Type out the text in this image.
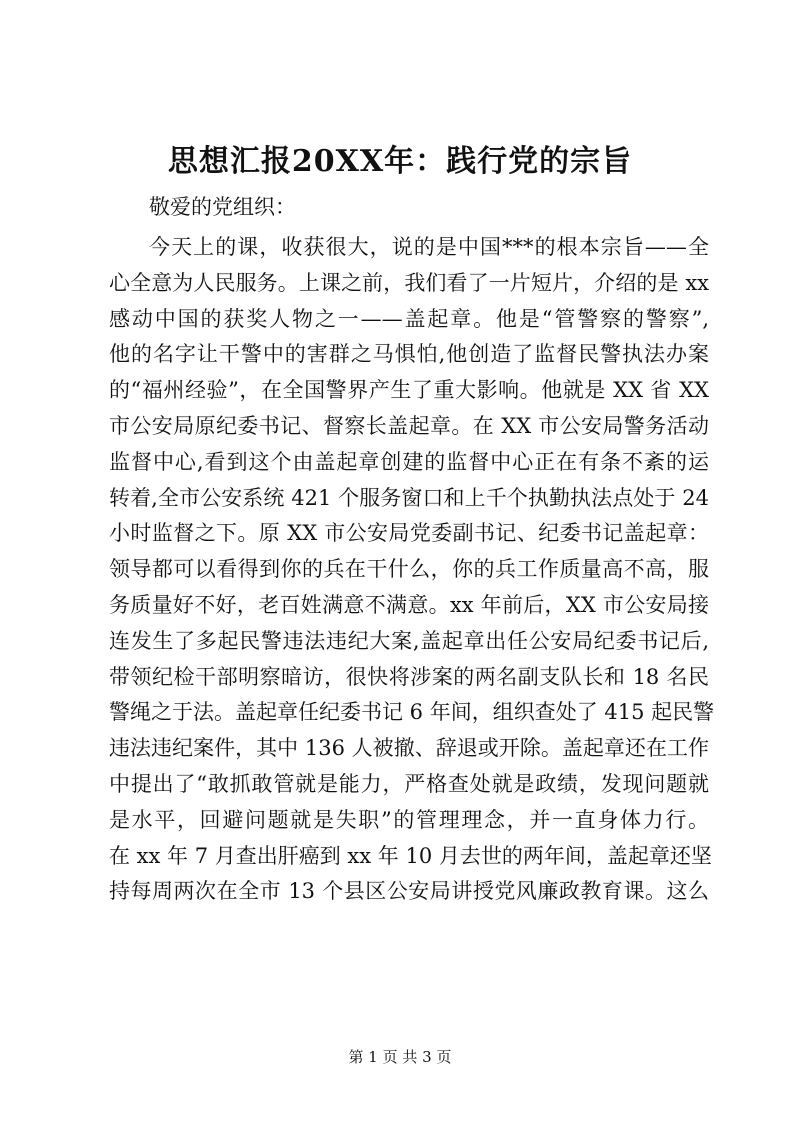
思想汇报20XX年：践行党的宗旨
敬爱的党组织：
今天上的课，收获很大，说的是中国***的根本宗旨——全
心全意为人民服务。上课之前，我们看了一片短片，介绍的是 xx
感动中国的获奖人物之一——盖起章。他是“管警察的警察”,
他的名字让干警中的害群之马惧怕,他创造了监督民警执法办案
的“福州经验”，在全国警界产生了重大影响。他就是 XX 省 XX
市公安局原纪委书记、督察长盖起章。在 XX 市公安局警务活动
监督中心,看到这个由盖起章创建的监督中心正在有条不紊的运
转着,全市公安系统 421 个服务窗口和上千个执勤执法点处于 24
小时监督之下。原 XX 市公安局党委副书记、纪委书记盖起章：
领导都可以看得到你的兵在干什么，你的兵工作质量高不高，服
务质量好不好，老百姓满意不满意。xx 年前后，XX 市公安局接
连发生了多起民警违法违纪大案,盖起章出任公安局纪委书记后,
带领纪检干部明察暗访，很快将涉案的两名副支队长和 18 名民
警绳之于法。盖起章任纪委书记 6 年间，组织查处了 415 起民警
违法违纪案件，其中 136 人被撤、辞退或开除。盖起章还在工作
中提出了“敢抓敢管就是能力，严格查处就是政绩，发现问题就
是水平，回避问题就是失职”的管理理念，并一直身体力行。
在 xx 年 7 月查出肝癌到 xx 年 10 月去世的两年间，盖起章还坚
持每周两次在全市 13 个县区公安局讲授党风廉政教育课。这么
第 1 页 共 3 页
